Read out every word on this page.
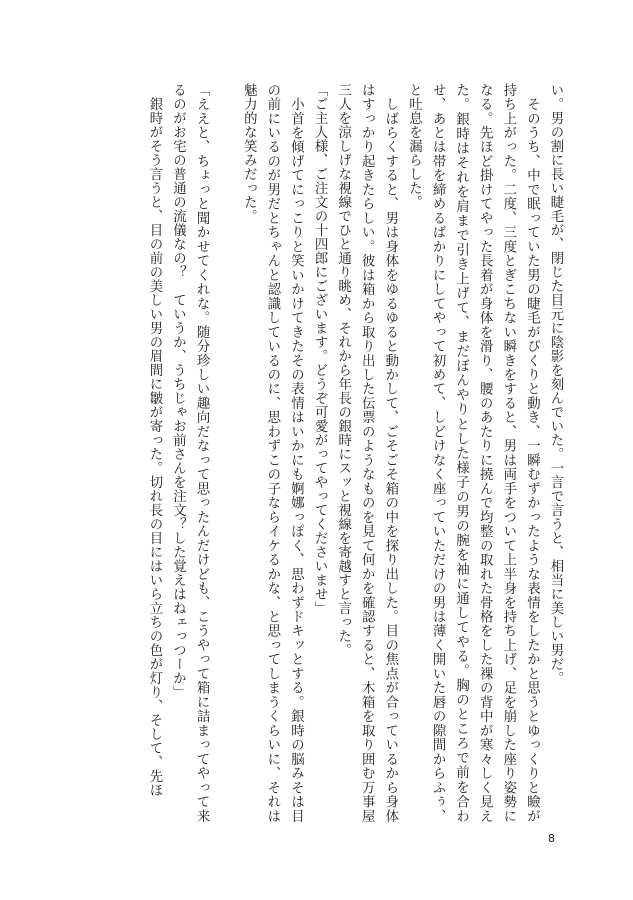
い。男の割に長い睫毛が、閉じた目元に陰影を刻んでいた。一言で言うと、相当に美しい男だ。

　そのうち、中で眠っていた男の睫毛がぴくりと動き、一瞬むずかったような表情をしたかと思うとゆっくりと瞼が持ち上がった。二度、三度とぎこちない瞬きをすると、男は両手をついて上半身を持ち上げ、足を崩した座り姿勢になる。先ほど掛けてやった長着が身体を滑り、腰のあたりに撓んで均整の取れた骨格をした裸の背中が寒々しく見えた。銀時はそれを肩まで引き上げて、まだぼんやりとした様子の男の腕を袖に通してやる。胸のところで前を合わせ、あとは帯を締めるばかりにしてやって初めて、しどけなく座っていただけの男は薄く開いた唇の隙間からふぅ、と吐息を漏らした。

　しばらくすると、男は身体をゆるゆると動かして、ごそごそ箱の中を探り出した。目の焦点が合っているから身体はすっかり起きたらしい。彼は箱から取り出した伝票のようなものを見て何かを確認すると、木箱を取り囲む万事屋三人を涼しげな視線でひと通り眺め、それから年長の銀時にスッと視線を寄越すと言った。

「ご主人様、ご注文の十四郎にございます。どうぞ可愛がってやってくださいませ」

　小首を傾げてにっこりと笑いかけてきたその表情はいかにも婀娜っぽく、思わずドキッとする。銀時の脳みそは目の前にいるのが男だとちゃんと認識しているのに、思わずこの子ならイケるかな、と思ってしまうくらいに、それは魅力的な笑みだった。

「ええと、ちょっと聞かせてくれな。随分珍しい趣向だなって思ったんだけども、こうやって箱に詰まってやって来るのがお宅の普通の流儀なの？　ていうか、うちじゃお前さんを注文？した覚えはねェっつーか」

　銀時がそう言うと、目の前の美しい男の眉間に皺が寄った。切れ長の目にはいら立ちの色が灯り、そして、先ほ

8
